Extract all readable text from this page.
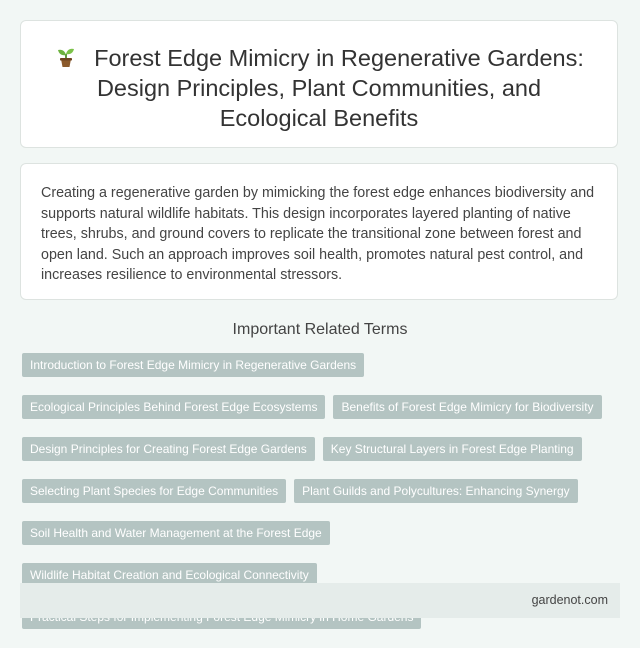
Forest Edge Mimicry in Regenerative Gardens: Design Principles, Plant Communities, and Ecological Benefits

Creating a regenerative garden by mimicking the forest edge enhances biodiversity and supports natural wildlife habitats. This design incorporates layered planting of native trees, shrubs, and ground covers to replicate the transitional zone between forest and open land. Such an approach improves soil health, promotes natural pest control, and increases resilience to environmental stressors.

Important Related Terms
Introduction to Forest Edge Mimicry in Regenerative Gardens
Ecological Principles Behind Forest Edge Ecosystems	Benefits of Forest Edge Mimicry for Biodiversity
Design Principles for Creating Forest Edge Gardens	Key Structural Layers in Forest Edge Planting
Selecting Plant Species for Edge Communities	Plant Guilds and Polycultures: Enhancing Synergy
Soil Health and Water Management at the Forest Edge
Wildlife Habitat Creation and Ecological Connectivity
gardenot.com
